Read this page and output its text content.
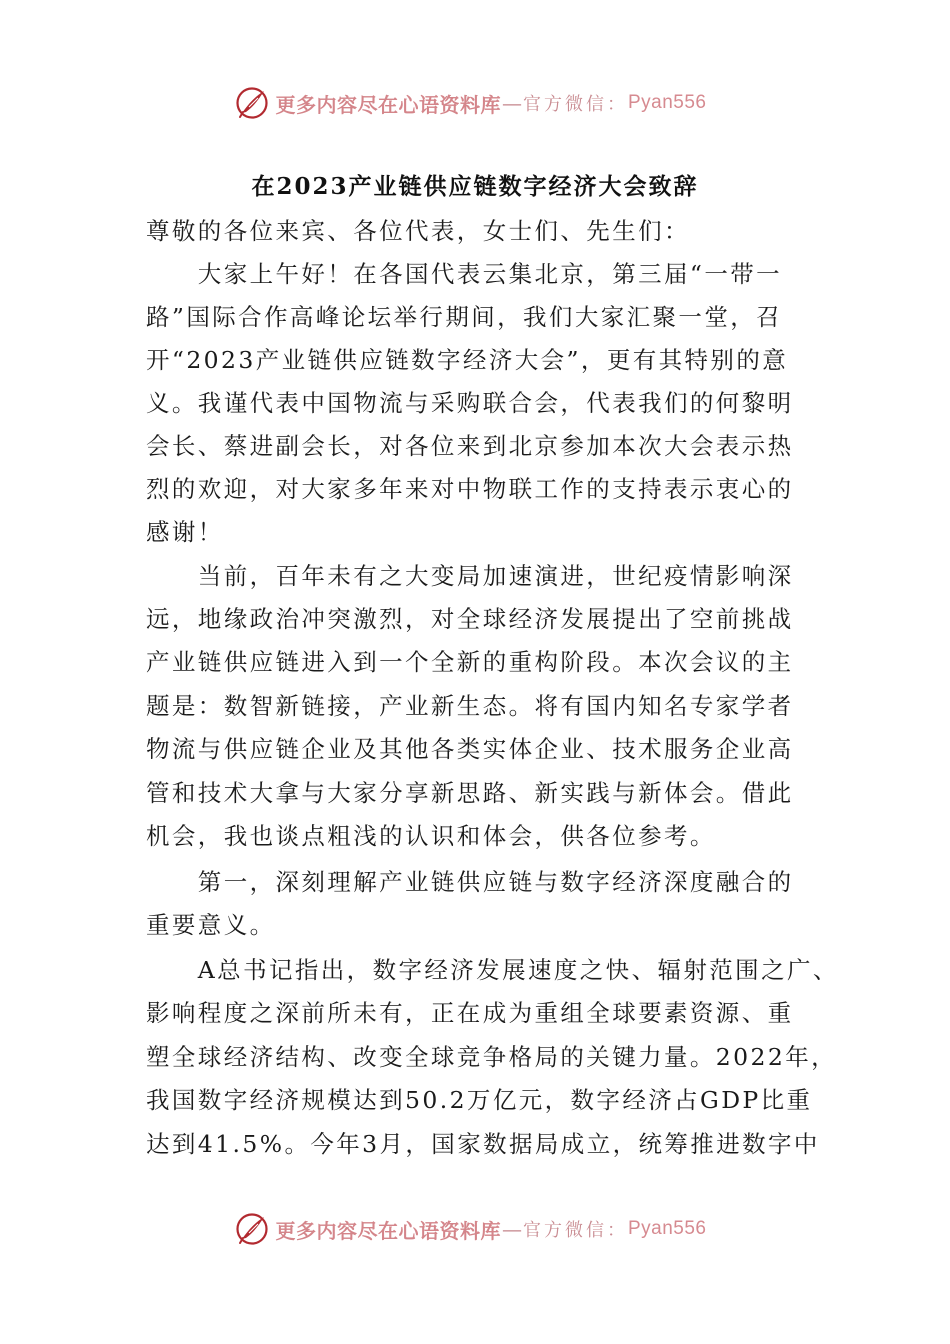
更多内容尽在心语资料库 — 官方微信： Pyan556
在2023产业链供应链数字经济大会致辞
尊敬的各位来宾、各位代表，女士们、先生们：
　　大家上午好！在各国代表云集北京，第三届“一带一
路”国际合作高峰论坛举行期间，我们大家汇聚一堂，召
开“2023产业链供应链数字经济大会”，更有其特别的意
义。我谨代表中国物流与采购联合会，代表我们的何黎明
会长、蔡进副会长，对各位来到北京参加本次大会表示热
烈的欢迎，对大家多年来对中物联工作的支持表示衷心的
感谢！
　　当前，百年未有之大变局加速演进，世纪疫情影响深
远，地缘政治冲突激烈，对全球经济发展提出了空前挑战
产业链供应链进入到一个全新的重构阶段。本次会议的主
题是：数智新链接，产业新生态。将有国内知名专家学者
物流与供应链企业及其他各类实体企业、技术服务企业高
管和技术大拿与大家分享新思路、新实践与新体会。借此
机会，我也谈点粗浅的认识和体会，供各位参考。
　　第一，深刻理解产业链供应链与数字经济深度融合的
重要意义。
　　A总书记指出，数字经济发展速度之快、辐射范围之广、
影响程度之深前所未有，正在成为重组全球要素资源、重
塑全球经济结构、改变全球竞争格局的关键力量。2022年，
我国数字经济规模达到50.2万亿元，数字经济占GDP比重
达到41.5%。今年3月，国家数据局成立，统筹推进数字中
更多内容尽在心语资料库 — 官方微信： Pyan556
